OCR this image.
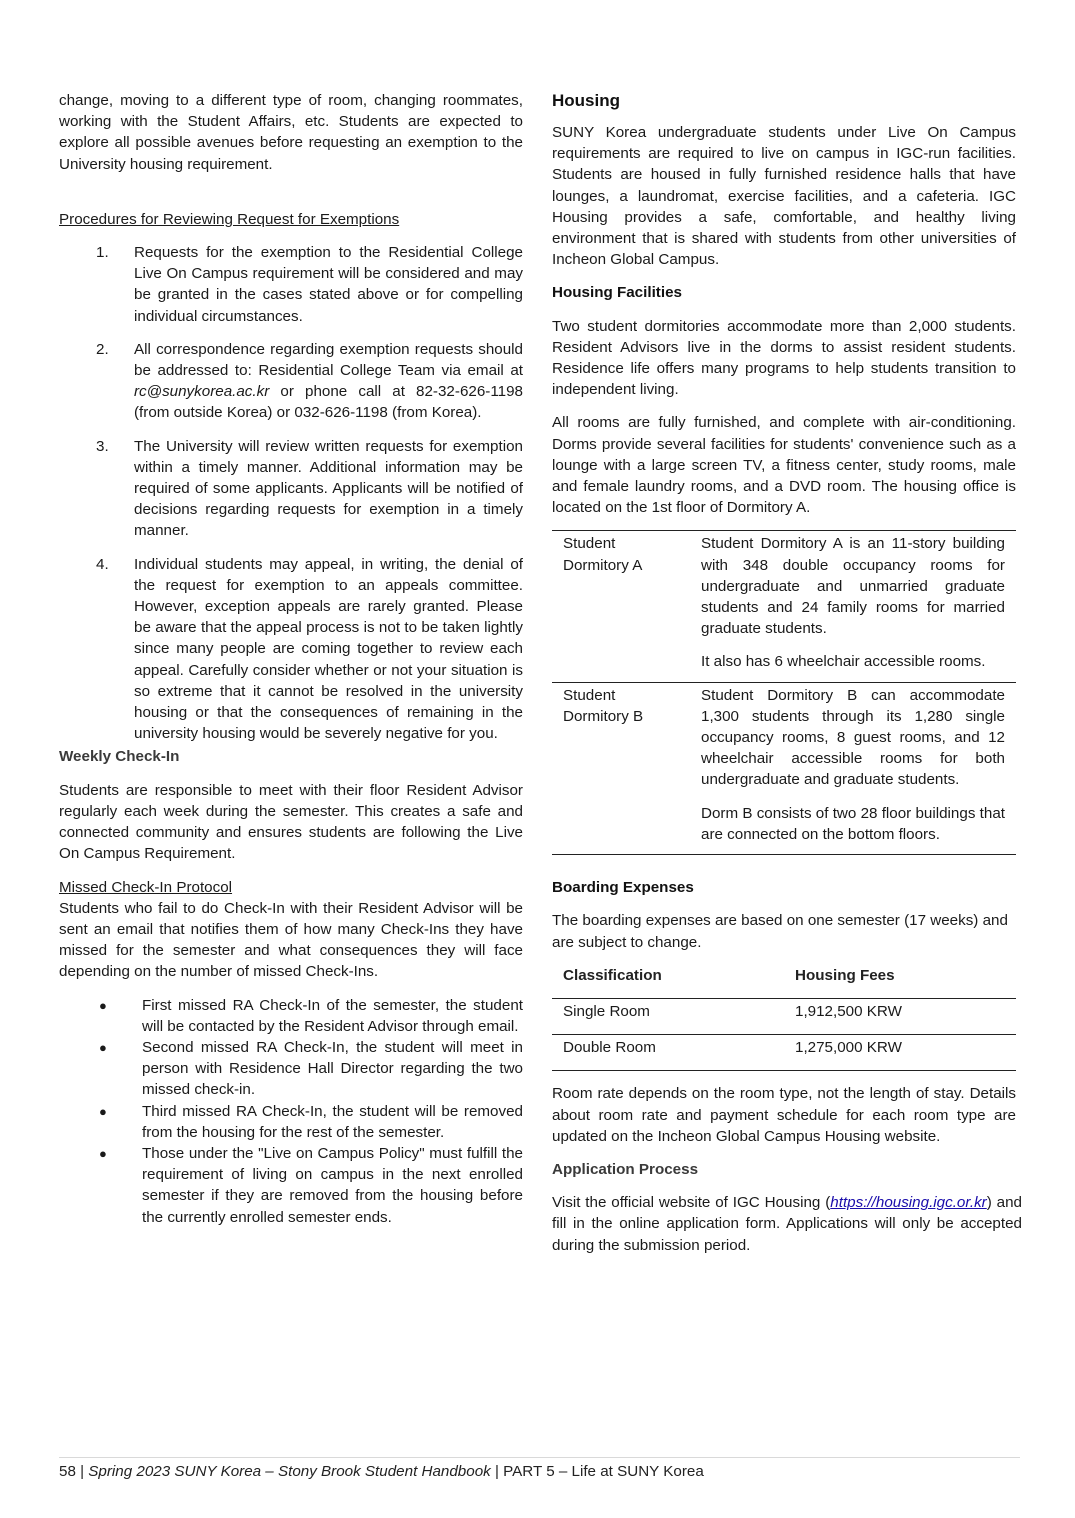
change, moving to a different type of room, changing roommates, working with the Student Affairs, etc. Students are expected to explore all possible avenues before requesting an exemption to the University housing requirement.

Procedures for Reviewing Request for Exemptions

1. Requests for the exemption to the Residential College Live On Campus requirement will be considered and may be granted in the cases stated above or for compelling individual circumstances.
2. All correspondence regarding exemption requests should be addressed to: Residential College Team via email at rc@sunykorea.ac.kr or phone call at 82-32-626-1198 (from outside Korea) or 032-626-1198 (from Korea).
3. The University will review written requests for exemption within a timely manner. Additional information may be required of some applicants. Applicants will be notified of decisions regarding requests for exemption in a timely manner.
4. Individual students may appeal, in writing, the denial of the request for exemption to an appeals committee. However, exception appeals are rarely granted. Please be aware that the appeal process is not to be taken lightly since many people are coming together to review each appeal. Carefully consider whether or not your situation is so extreme that it cannot be resolved in the university housing or that the consequences of remaining in the university housing would be severely negative for you.

Weekly Check-In

Students are responsible to meet with their floor Resident Advisor regularly each week during the semester. This creates a safe and connected community and ensures students are following the Live On Campus Requirement.

Missed Check-In Protocol

Students who fail to do Check-In with their Resident Advisor will be sent an email that notifies them of how many Check-Ins they have missed for the semester and what consequences they will face depending on the number of missed Check-Ins.

● First missed RA Check-In of the semester, the student will be contacted by the Resident Advisor through email.
● Second missed RA Check-In, the student will meet in person with Residence Hall Director regarding the two missed check-in.
● Third missed RA Check-In, the student will be removed from the housing for the rest of the semester.
● Those under the "Live on Campus Policy" must fulfill the requirement of living on campus in the next enrolled semester if they are removed from the housing before the currently enrolled semester ends.

Housing

SUNY Korea undergraduate students under Live On Campus requirements are required to live on campus in IGC-run facilities. Students are housed in fully furnished residence halls that have lounges, a laundromat, exercise facilities, and a cafeteria. IGC Housing provides a safe, comfortable, and healthy living environment that is shared with students from other universities of Incheon Global Campus.

Housing Facilities

Two student dormitories accommodate more than 2,000 students. Resident Advisors live in the dorms to assist resident students. Residence life offers many programs to help students transition to independent living.

All rooms are fully furnished, and complete with air-conditioning. Dorms provide several facilities for students' convenience such as a lounge with a large screen TV, a fitness center, study rooms, male and female laundry rooms, and a DVD room. The housing office is located on the 1st floor of Dormitory A.

Student Dormitory A	Student Dormitory A is an 11-story building with 348 double occupancy rooms for undergraduate and unmarried graduate students and 24 family rooms for married graduate students.

It also has 6 wheelchair accessible rooms.

Student Dormitory B	Student Dormitory B can accommodate 1,300 students through its 1,280 single occupancy rooms, 8 guest rooms, and 12 wheelchair accessible rooms for both undergraduate and graduate students.

Dorm B consists of two 28 floor buildings that are connected on the bottom floors.

Boarding Expenses

The boarding expenses are based on one semester (17 weeks) and are subject to change.

Classification	Housing Fees
Single Room	1,912,500 KRW
Double Room	1,275,000 KRW

Room rate depends on the room type, not the length of stay. Details about room rate and payment schedule for each room type are updated on the Incheon Global Campus Housing website.

Application Process

Visit the official website of IGC Housing (https://housing.igc.or.kr) and fill in the online application form. Applications will only be accepted during the submission period.

58 | Spring 2023 SUNY Korea – Stony Brook Student Handbook | PART 5 – Life at SUNY Korea
